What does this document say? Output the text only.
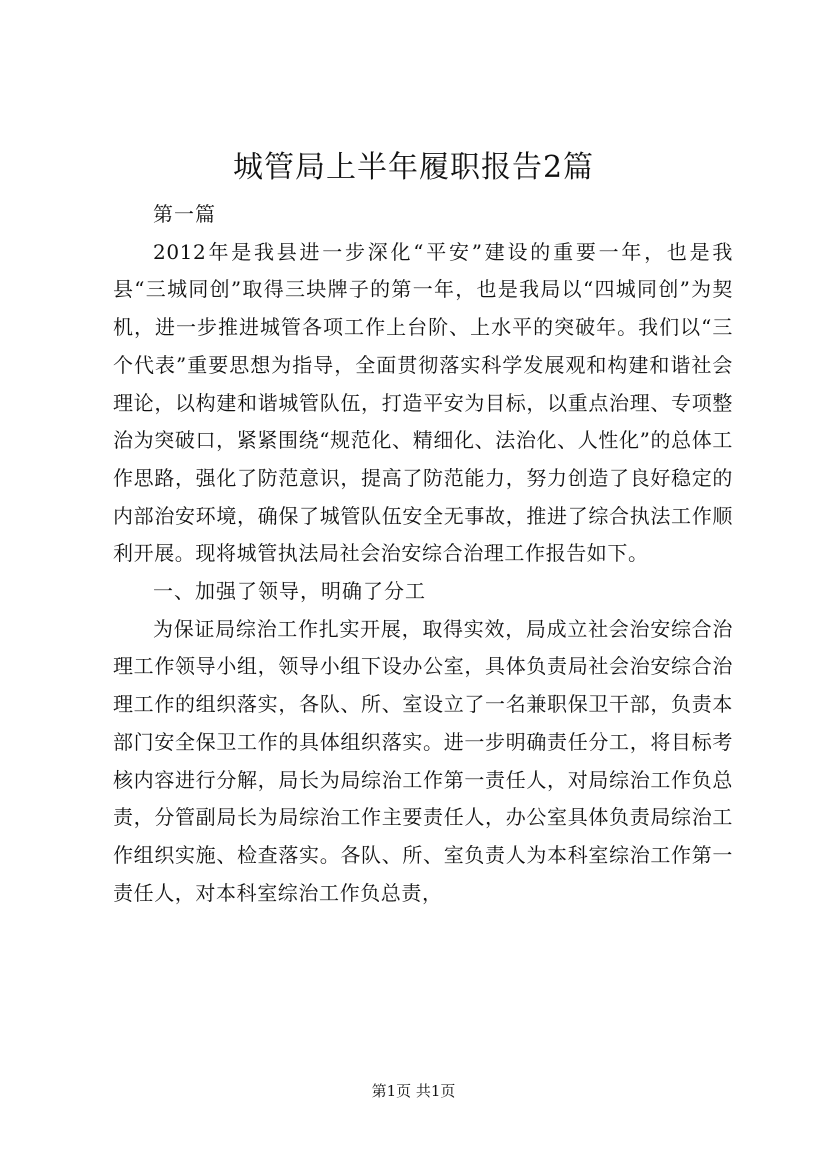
城管局上半年履职报告2篇

第一篇

2012年是我县进一步深化“平安”建设的重要一年，也是我县“三城同创”取得三块牌子的第一年，也是我局以“四城同创”为契机，进一步推进城管各项工作上台阶、上水平的突破年。我们以“三个代表”重要思想为指导，全面贯彻落实科学发展观和构建和谐社会理论，以构建和谐城管队伍，打造平安为目标，以重点治理、专项整治为突破口，紧紧围绕“规范化、精细化、法治化、人性化”的总体工作思路，强化了防范意识，提高了防范能力，努力创造了良好稳定的内部治安环境，确保了城管队伍安全无事故，推进了综合执法工作顺利开展。现将城管执法局社会治安综合治理工作报告如下。

一、加强了领导，明确了分工

为保证局综治工作扎实开展，取得实效，局成立社会治安综合治理工作领导小组，领导小组下设办公室，具体负责局社会治安综合治理工作的组织落实，各队、所、室设立了一名兼职保卫干部，负责本部门安全保卫工作的具体组织落实。进一步明确责任分工，将目标考核内容进行分解，局长为局综治工作第一责任人，对局综治工作负总责，分管副局长为局综治工作主要责任人，办公室具体负责局综治工作组织实施、检查落实。各队、所、室负责人为本科室综治工作第一责任人，对本科室综治工作负总责，

第1页 共1页
